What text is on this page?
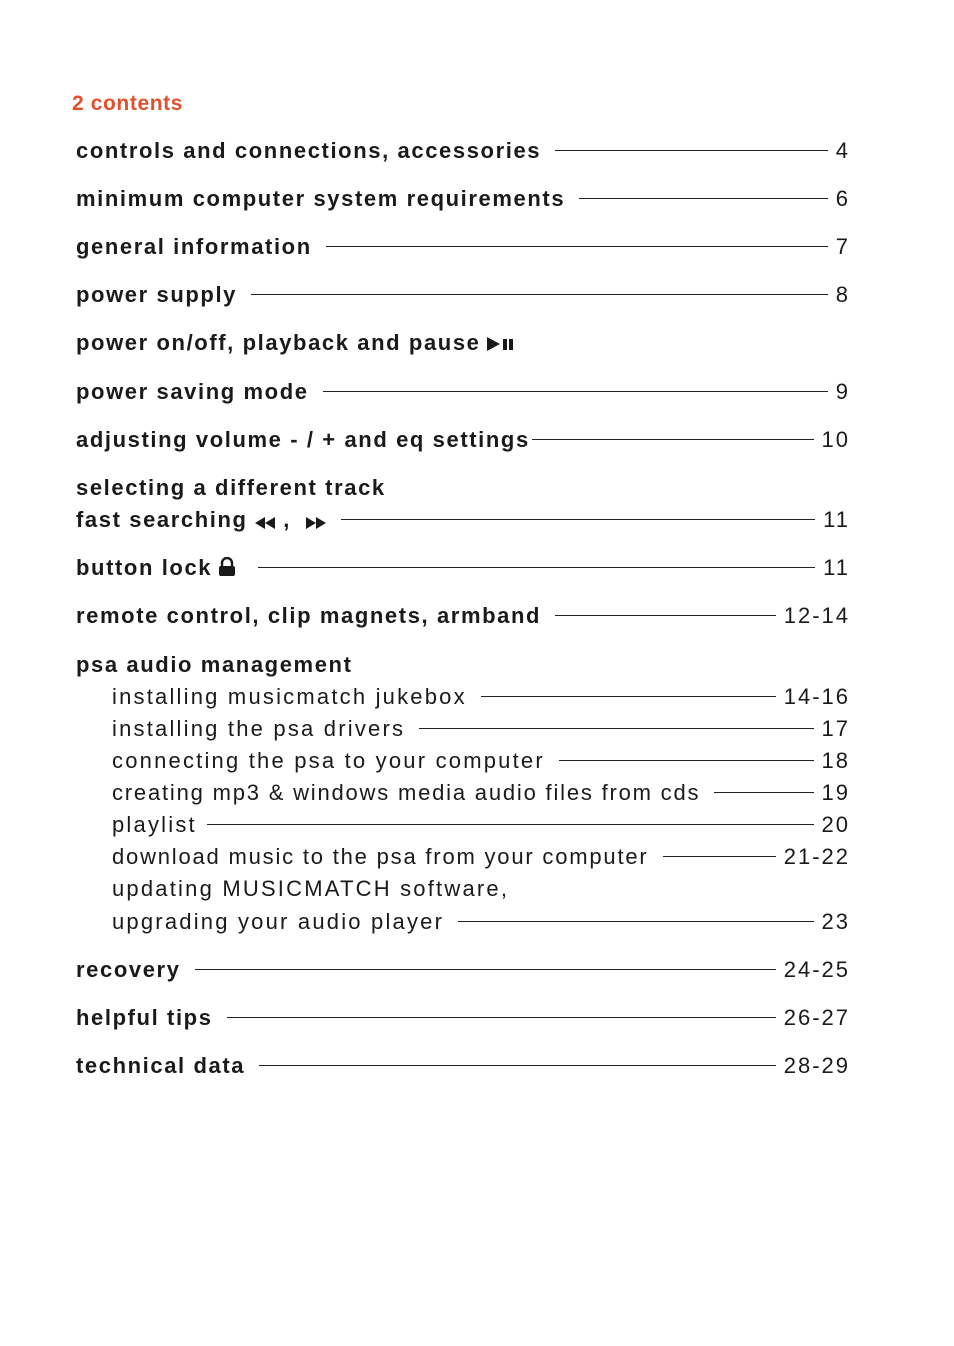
2 contents
controls and connections, accessories	4
minimum computer system requirements	6
general information	7
power supply	8
power on/off, playback and pause
power saving mode	9
adjusting volume - / + and eq settings	10
selecting a different track
fast searching ,	11
button lock	11
remote control, clip magnets, armband	12-14
psa audio management
installing musicmatch jukebox	14-16
installing the psa drivers	17
connecting the psa to your computer	18
creating mp3 & windows media audio files from cds	19
playlist	20
download music to the psa from your computer	21-22
updating MUSICMATCH software,
upgrading your audio player	23
recovery	24-25
helpful tips	26-27
technical data	28-29
